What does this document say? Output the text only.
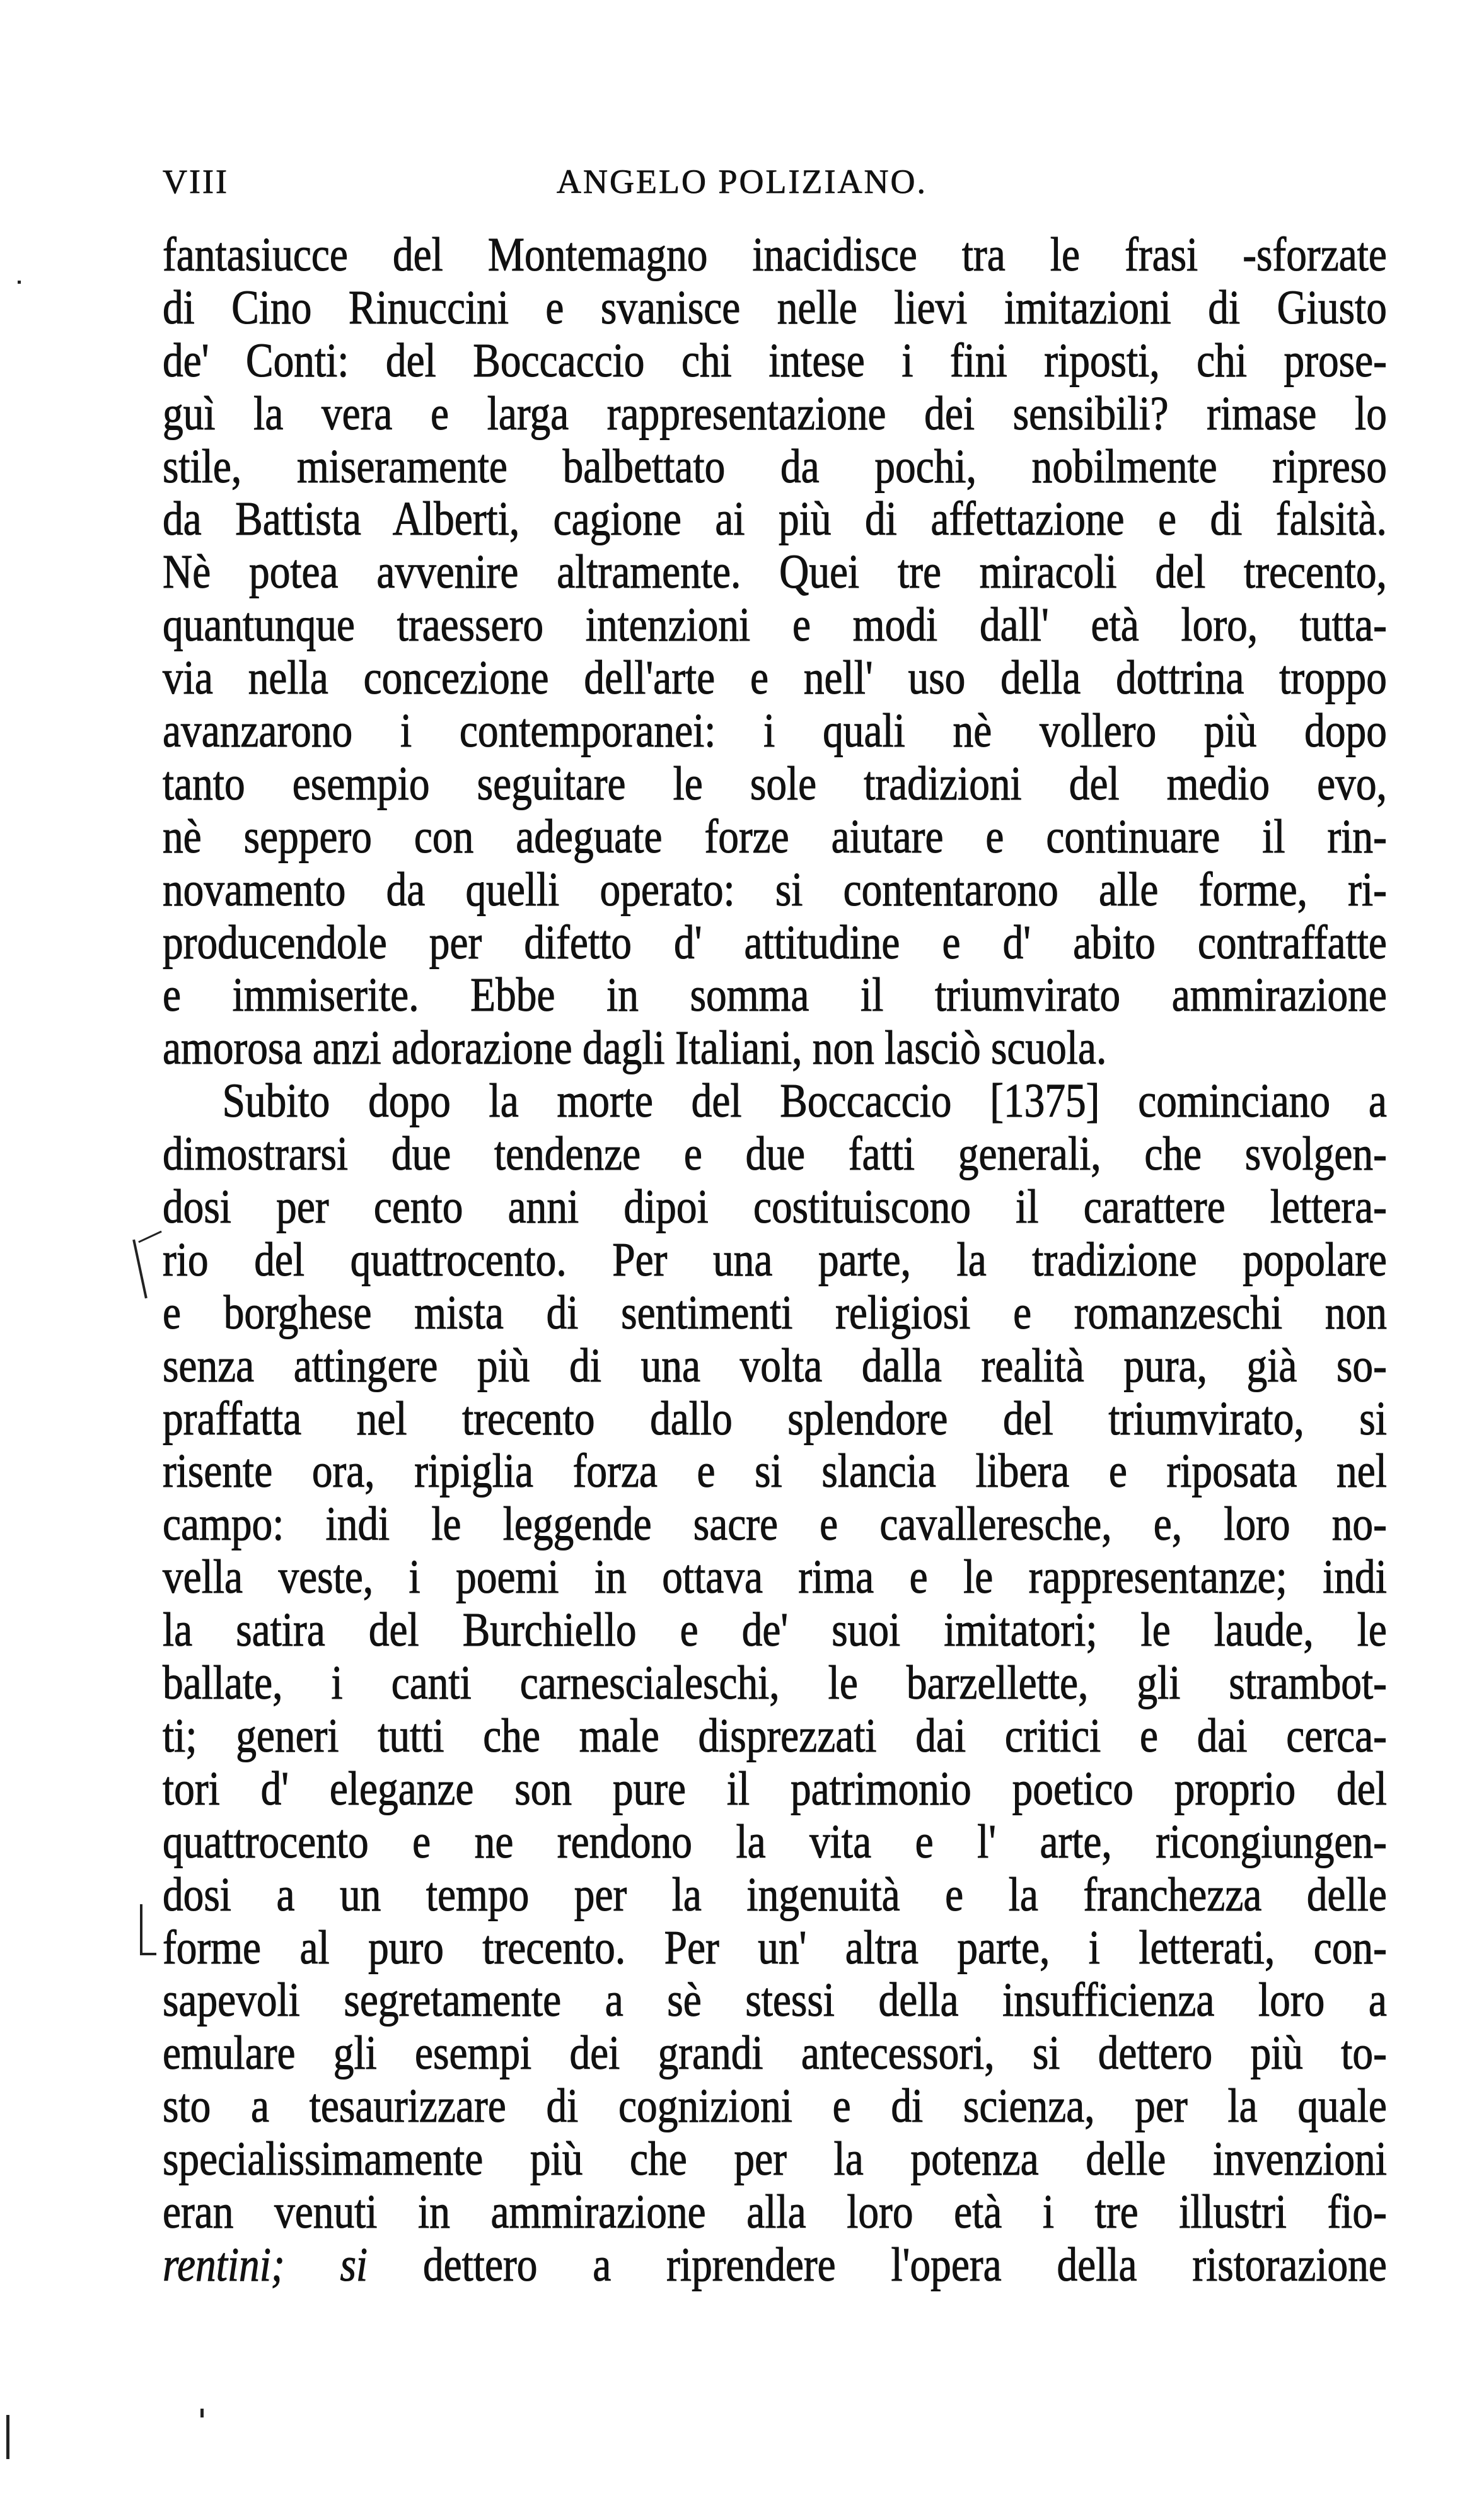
VIII	ANGELO POLIZIANO.
fantasiucce del Montemagno inacidisce tra le frasi -sforzate
di Cino Rinuccini e svanisce nelle lievi imitazioni di Giusto
de' Conti: del Boccaccio chi intese i fini riposti, chi prose-
guì la vera e larga rappresentazione dei sensibili? rimase lo
stile, miseramente balbettato da pochi, nobilmente ripreso
da Battista Alberti, cagione ai più di affettazione e di falsità.
Nè potea avvenire altramente. Quei tre miracoli del trecento,
quantunque traessero intenzioni e modi dall' età loro, tutta-
via nella concezione dell'arte e nell' uso della dottrina troppo
avanzarono i contemporanei: i quali nè vollero più dopo
tanto esempio seguitare le sole tradizioni del medio evo,
nè seppero con adeguate forze aiutare e continuare il rin-
novamento da quelli operato: si contentarono alle forme, ri-
producendole per difetto d' attitudine e d' abito contraffatte
e immiserite. Ebbe in somma il triumvirato ammirazione
amorosa anzi adorazione dagli Italiani, non lasciò scuola.
Subito dopo la morte del Boccaccio [1375] cominciano a
dimostrarsi due tendenze e due fatti generali, che svolgen-
dosi per cento anni dipoi costituiscono il carattere lettera-
rio del quattrocento. Per una parte, la tradizione popolare
e borghese mista di sentimenti religiosi e romanzeschi non
senza attingere più di una volta dalla realità pura, già so-
praffatta nel trecento dallo splendore del triumvirato, si
risente ora, ripiglia forza e si slancia libera e riposata nel
campo: indi le leggende sacre e cavalleresche, e, loro no-
vella veste, i poemi in ottava rima e le rappresentanze; indi
la satira del Burchiello e de' suoi imitatori; le laude, le
ballate, i canti carnescialeschi, le barzellette, gli strambot-
ti; generi tutti che male disprezzati dai critici e dai cerca-
tori d' eleganze son pure il patrimonio poetico proprio del
quattrocento e ne rendono la vita e l' arte, ricongiungen-
dosi a un tempo per la ingenuità e la franchezza delle
forme al puro trecento. Per un' altra parte, i letterati, con-
sapevoli segretamente a sè stessi della insufficienza loro a
emulare gli esempi dei grandi antecessori, si dettero più to-
sto a tesaurizzare di cognizioni e di scienza, per la quale
specialissimamente più che per la potenza delle invenzioni
eran venuti in ammirazione alla loro età i tre illustri fio-
rentini; si dettero a riprendere l'opera della ristorazione
